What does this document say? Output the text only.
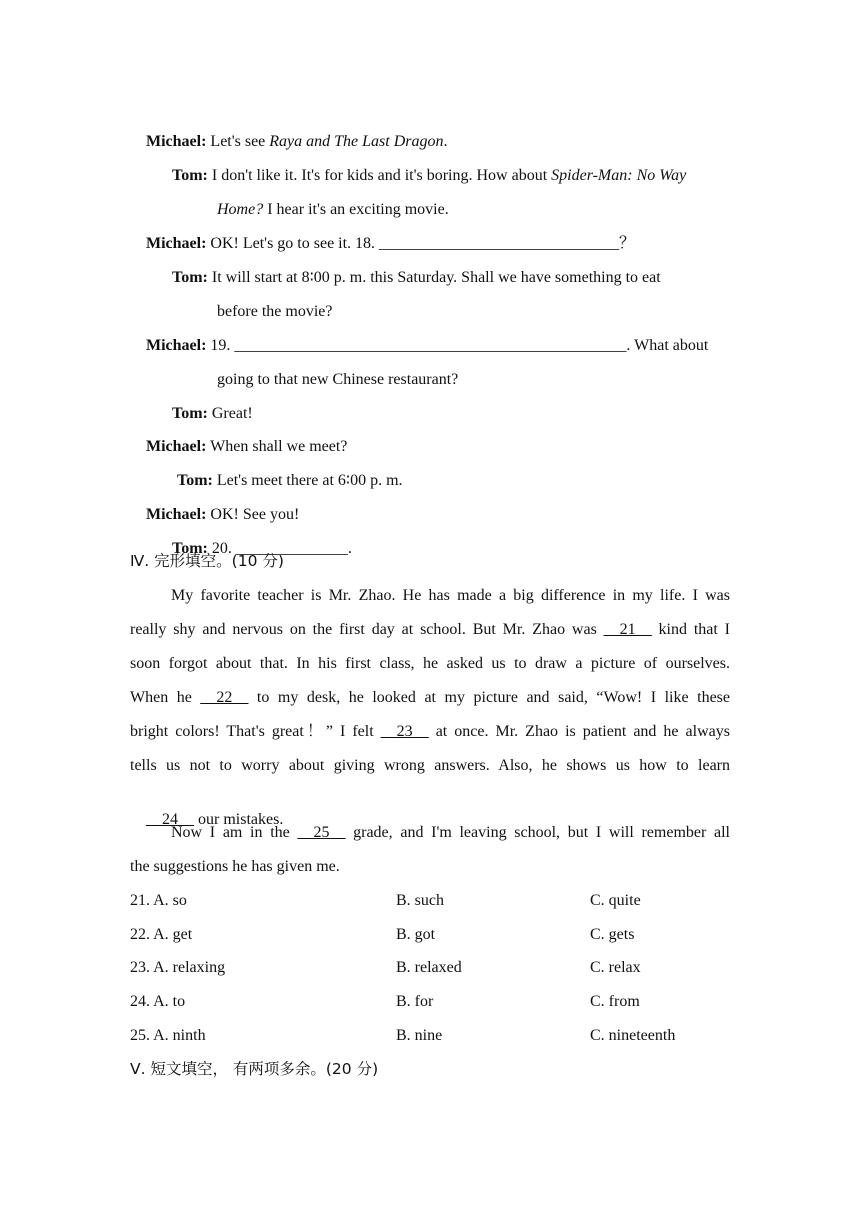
Michael: Let's see Raya and The Last Dragon.

Tom: I don't like it. It's for kids and it's boring. How about Spider-Man: No Way

Home? I hear it's an exciting movie.

Michael: OK! Let's go to see it. 18. ______________________________？

Tom: It will start at 8∶00 p. m. this Saturday. Shall we have something to eat

before the movie?

Michael: 19. _________________________________________________. What about

going to that new Chinese restaurant?

Tom: Great!

Michael: When shall we meet?

Tom: Let's meet there at 6∶00 p. m.

Michael: OK! See you!

Tom: 20. ______________.

Ⅳ. 完形填空。(10 分)
My favorite teacher is Mr. Zhao. He has made a big difference in my life. I was
really shy and nervous on the first day at school. But Mr. Zhao was __21__ kind that I
soon forgot about that. In his first class, he asked us to draw a picture of ourselves.
When he __22__ to my desk, he looked at my picture and said, “Wow! I like these
bright colors! That's great！” I felt __23__ at once. Mr. Zhao is patient and he always
tells us not to worry about giving wrong answers. Also, he shows us how to learn

__24__ our mistakes.

Now I am in the __25__ grade, and I'm leaving school, but I will remember all
the suggestions he has given me.
21. A. so	B. such	C. quite
22. A. get	B. got	C. gets
23. A. relaxing	B. relaxed	C. relax
24. A. to	B. for	C. from
25. A. ninth	B. nine	C. nineteenth
Ⅴ. 短文填空， 有两项多余。(20 分)
